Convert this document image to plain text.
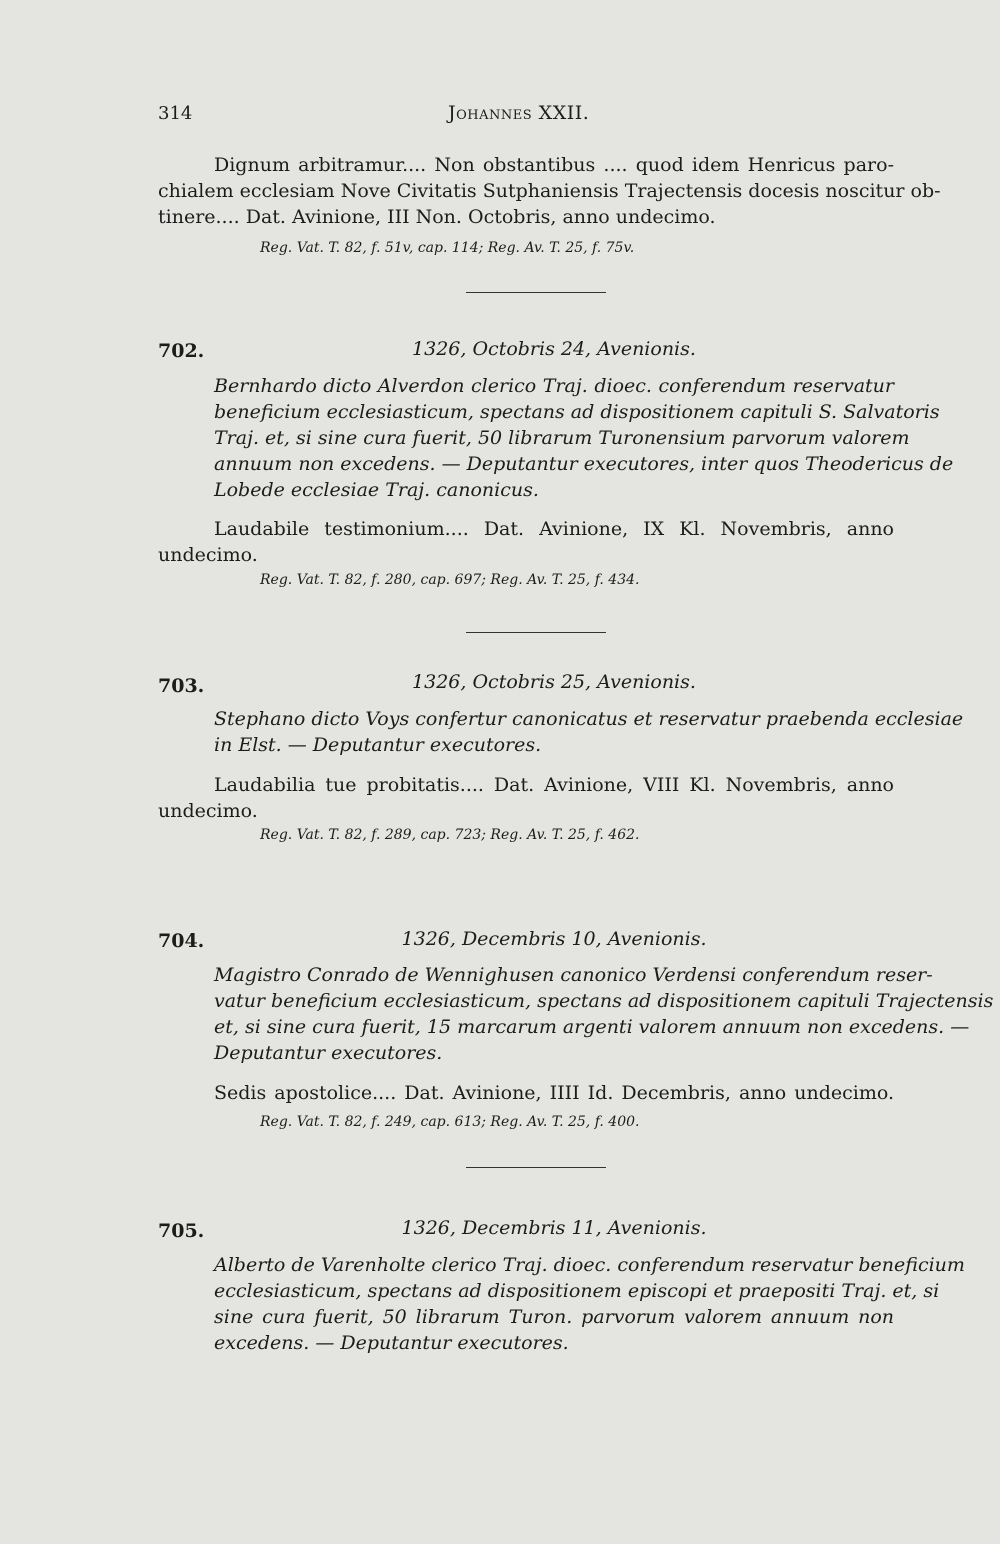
314	Johannes XXII.
Dignum arbitramur.... Non obstantibus .... quod idem Henricus paro-
chialem ecclesiam Nove Civitatis Sutphaniensis Trajectensis docesis noscitur ob-
tinere.... Dat. Avinione, III Non. Octobris, anno undecimo.
Reg. Vat. T. 82, f. 51v, cap. 114; Reg. Av. T. 25, f. 75v.
702.	1326, Octobris 24, Avenionis.
Bernhardo dicto Alverdon clerico Traj. dioec. conferendum reservatur
beneficium ecclesiasticum, spectans ad dispositionem capituli S. Salvatoris
Traj. et, si sine cura fuerit, 50 librarum Turonensium parvorum valorem
annuum non excedens. — Deputantur executores, inter quos Theodericus de
Lobede ecclesiae Traj. canonicus.
Laudabile testimonium.... Dat. Avinione, IX Kl. Novembris, anno
undecimo.
Reg. Vat. T. 82, f. 280, cap. 697; Reg. Av. T. 25, f. 434.
703.	1326, Octobris 25, Avenionis.
Stephano dicto Voys confertur canonicatus et reservatur praebenda ecclesiae
in Elst. — Deputantur executores.
Laudabilia tue probitatis.... Dat. Avinione, VIII Kl. Novembris, anno
undecimo.
Reg. Vat. T. 82, f. 289, cap. 723; Reg. Av. T. 25, f. 462.
704.	1326, Decembris 10, Avenionis.
Magistro Conrado de Wennighusen canonico Verdensi conferendum reser-
vatur beneficium ecclesiasticum, spectans ad dispositionem capituli Trajectensis
et, si sine cura fuerit, 15 marcarum argenti valorem annuum non excedens. —
Deputantur executores.
Sedis apostolice.... Dat. Avinione, IIII Id. Decembris, anno undecimo.
Reg. Vat. T. 82, f. 249, cap. 613; Reg. Av. T. 25, f. 400.
705.	1326, Decembris 11, Avenionis.
Alberto de Varenholte clerico Traj. dioec. conferendum reservatur beneficium
ecclesiasticum, spectans ad dispositionem episcopi et praepositi Traj. et, si
sine cura fuerit, 50 librarum Turon. parvorum valorem annuum non
excedens. — Deputantur executores.
